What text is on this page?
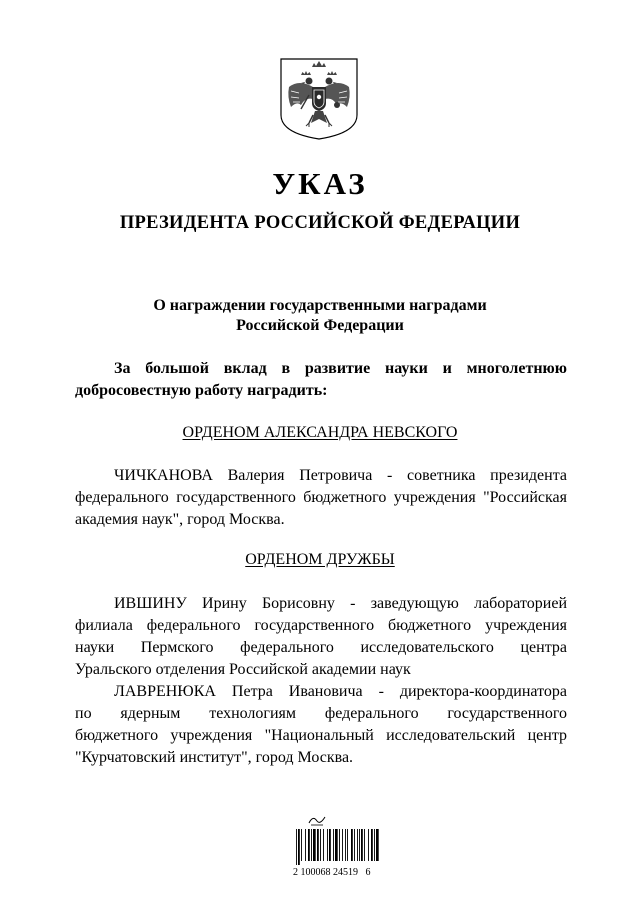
УКАЗ
ПРЕЗИДЕНТА РОССИЙСКОЙ ФЕДЕРАЦИИ
О награждении государственными наградами
Российской Федерации
За большой вклад в развитие науки и многолетнюю
добросовестную работу наградить:
ОРДЕНОМ АЛЕКСАНДРА НЕВСКОГО
ЧИЧКАНОВА Валерия Петровича - советника президента
федерального государственного бюджетного учреждения "Российская
академия наук", город Москва.
ОРДЕНОМ ДРУЖБЫ
ИВШИНУ Ирину Борисовну - заведующую лабораторией
филиала федерального государственного бюджетного учреждения
науки Пермского федерального исследовательского центра
Уральского отделения Российской академии наук
ЛАВРЕНЮКА Петра Ивановича - директора-координатора
по ядерным технологиям федерального государственного
бюджетного учреждения "Национальный исследовательский центр
"Курчатовский институт", город Москва.
2 100068 24519   6
